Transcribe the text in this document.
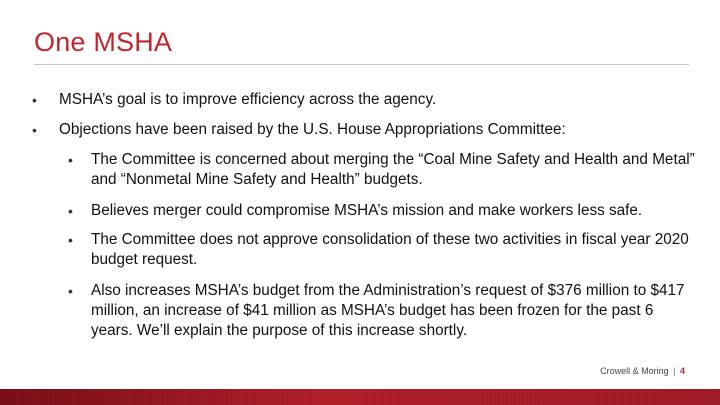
One MSHA
• MSHA’s goal is to improve efficiency across the agency.
• Objections have been raised by the U.S. House Appropriations Committee:
• The Committee is concerned about merging the “Coal Mine Safety and Health and Metal” and “Nonmetal Mine Safety and Health” budgets.
• Believes merger could compromise MSHA’s mission and make workers less safe.
• The Committee does not approve consolidation of these two activities in fiscal year 2020 budget request.
• Also increases MSHA’s budget from the Administration’s request of $376 million to $417 million, an increase of $41 million as MSHA’s budget has been frozen for the past 6 years. We’ll explain the purpose of this increase shortly.
Crowell & Moring | 4
